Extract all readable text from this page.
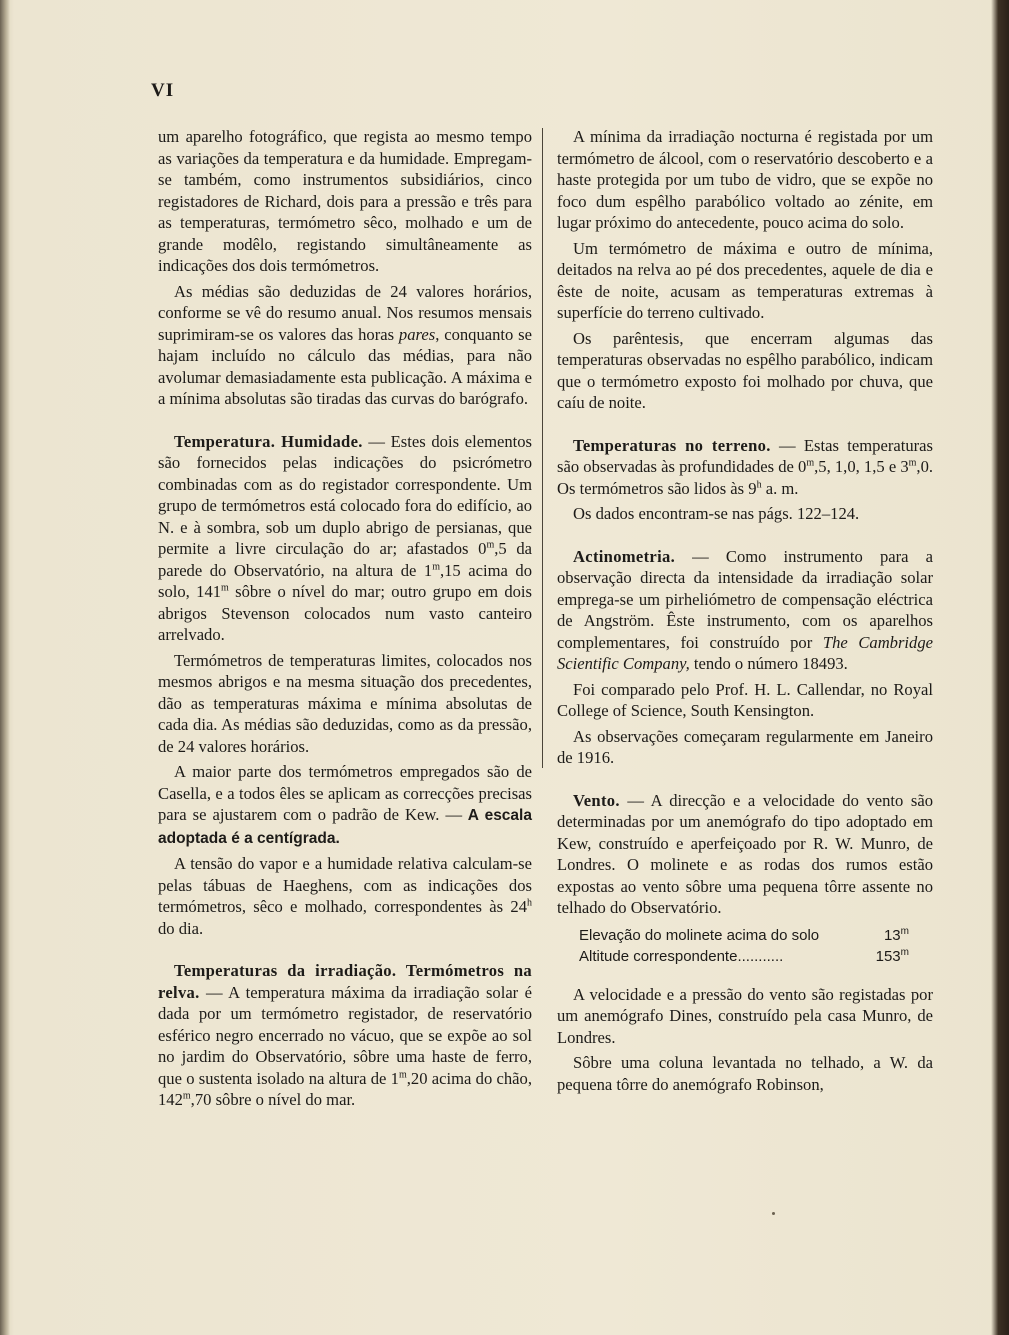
VI

um aparelho fotográfico, que regista ao mesmo tempo as variações da temperatura e da humidade. Empregam-se também, como instrumentos subsidiários, cinco registadores de Richard, dois para a pressão e três para as temperaturas, termómetro sêco, molhado e um de grande modêlo, registando simultâneamente as indicações dos dois termómetros.

As médias são deduzidas de 24 valores horários, conforme se vê do resumo anual. Nos resumos mensais suprimiram-se os valores das horas pares, conquanto se hajam incluído no cálculo das médias, para não avolumar demasiadamente esta publicação. A máxima e a mínima absolutas são tiradas das curvas do barógrafo.

Temperatura. Humidade. — Estes dois elementos são fornecidos pelas indicações do psicrómetro combinadas com as do registador correspondente. Um grupo de termómetros está colocado fora do edifício, ao N. e à sombra, sob um duplo abrigo de persianas, que permite a livre circulação do ar; afastados 0$^m$,5 da parede do Observatório, na altura de 1$^m$,15 acima do solo, 141$^m$ sôbre o nível do mar; outro grupo em dois abrigos Stevenson colocados num vasto canteiro arrelvado.

Termómetros de temperaturas limites, colocados nos mesmos abrigos e na mesma situação dos precedentes, dão as temperaturas máxima e mínima absolutas de cada dia. As médias são deduzidas, como as da pressão, de 24 valores horários.

A maior parte dos termómetros empregados são de Casella, e a todos êles se aplicam as correcções precisas para se ajustarem com o padrão de Kew. — A escala adoptada é a centígrada.

A tensão do vapor e a humidade relativa calculam-se pelas tábuas de Haeghens, com as indicações dos termómetros, sêco e molhado, correspondentes às 24$^h$ do dia.

Temperaturas da irradiação. Termómetros na relva. — A temperatura máxima da irradiação solar é dada por um termómetro registador, de reservatório esférico negro encerrado no vácuo, que se expõe ao sol no jardim do Observatório, sôbre uma haste de ferro, que o sustenta isolado na altura de 1$^m$,20 acima do chão, 142$^m$,70 sôbre o nível do mar.

A mínima da irradiação nocturna é registada por um termómetro de álcool, com o reservatório descoberto e a haste protegida por um tubo de vidro, que se expõe no foco dum espêlho parabólico voltado ao zénite, em lugar próximo do antecedente, pouco acima do solo.

Um termómetro de máxima e outro de mínima, deitados na relva ao pé dos precedentes, aquele de dia e êste de noite, acusam as temperaturas extremas à superfície do terreno cultivado.

Os parêntesis, que encerram algumas das temperaturas observadas no espêlho parabólico, indicam que o termómetro exposto foi molhado por chuva, que caíu de noite.

Temperaturas no terreno. — Estas temperaturas são observadas às profundidades de 0$^m$,5, 1,0, 1,5 e 3$^m$,0. Os termómetros são lidos às 9$^h$ a. m.

Os dados encontram-se nas págs. 122–124.

Actinometria. — Como instrumento para a observação directa da intensidade da irradiação solar emprega-se um pirheliómetro de compensação eléctrica de Angström. Êste instrumento, com os aparelhos complementares, foi construído por The Cambridge Scientific Company, tendo o número 18493.

Foi comparado pelo Prof. H. L. Callendar, no Royal College of Science, South Kensington.

As observações começaram regularmente em Janeiro de 1916.

Vento. — A direcção e a velocidade do vento são determinadas por um anemógrafo do tipo adoptado em Kew, construído e aperfeiçoado por R. W. Munro, de Londres. O molinete e as rodas dos rumos estão expostas ao vento sôbre uma pequena tôrre assente no telhado do Observatório.

Elevação do molinete acima do solo	13$^m$
Altitude correspondente...........	153$^m$

A velocidade e a pressão do vento são registadas por um anemógrafo Dines, construído pela casa Munro, de Londres.

Sôbre uma coluna levantada no telhado, a W. da pequena tôrre do anemógrafo Robinson,
